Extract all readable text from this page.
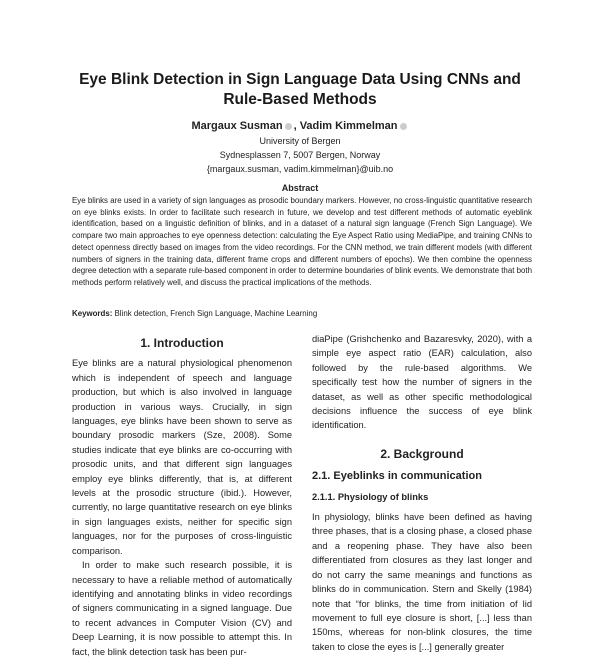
Eye Blink Detection in Sign Language Data Using CNNs and Rule-Based Methods
Margaux Susman , Vadim Kimmelman
University of Bergen
Sydnesplassen 7, 5007 Bergen, Norway
{margaux.susman, vadim.kimmelman}@uib.no
Abstract
Eye blinks are used in a variety of sign languages as prosodic boundary markers. However, no cross-linguistic quantitative research on eye blinks exists. In order to facilitate such research in future, we develop and test different methods of automatic eyeblink identification, based on a linguistic definition of blinks, and in a dataset of a natural sign language (French Sign Language). We compare two main approaches to eye openness detection: calculating the Eye Aspect Ratio using MediaPipe, and training CNNs to detect openness directly based on images from the video recordings. For the CNN method, we train different models (with different numbers of signers in the training data, different frame crops and different numbers of epochs). We then combine the openness degree detection with a separate rule-based component in order to determine boundaries of blink events. We demonstrate that both methods perform relatively well, and discuss the practical implications of the methods.
Keywords: Blink detection, French Sign Language, Machine Learning
1. Introduction

Eye blinks are a natural physiological phenomenon which is independent of speech and language production, but which is also involved in language production in various ways. Crucially, in sign languages, eye blinks have been shown to serve as boundary prosodic markers (Sze, 2008). Some studies indicate that eye blinks are co-occurring with prosodic units, and that different sign languages employ eye blinks differently, that is, at different levels at the prosodic structure (ibid.). However, currently, no large quantitative research on eye blinks in sign languages exists, neither for specific sign languages, nor for the purposes of cross-linguistic comparison.

In order to make such research possible, it is necessary to have a reliable method of automatically identifying and annotating blinks in video recordings of signers communicating in a signed language. Due to recent advances in Computer Vision (CV) and Deep Learning, it is now possible to attempt this. In fact, the blink detection task has been pur-

diaPipe (Grishchenko and Bazaresvky, 2020), with a simple eye aspect ratio (EAR) calculation, also followed by the rule-based algorithms. We specifically test how the number of signers in the dataset, as well as other specific methodological decisions influence the success of eye blink identification.

2. Background
2.1. Eyeblinks in communication
2.1.1. Physiology of blinks

In physiology, blinks have been defined as having three phases, that is a closing phase, a closed phase and a reopening phase. They have also been differentiated from closures as they last longer and do not carry the same meanings and functions as blinks do in communication. Stern and Skelly (1984) note that “for blinks, the time from initiation of lid movement to full eye closure is short, [...] less than 150ms, whereas for non-blink closures, the time taken to close the eyes is [...] generally greater
